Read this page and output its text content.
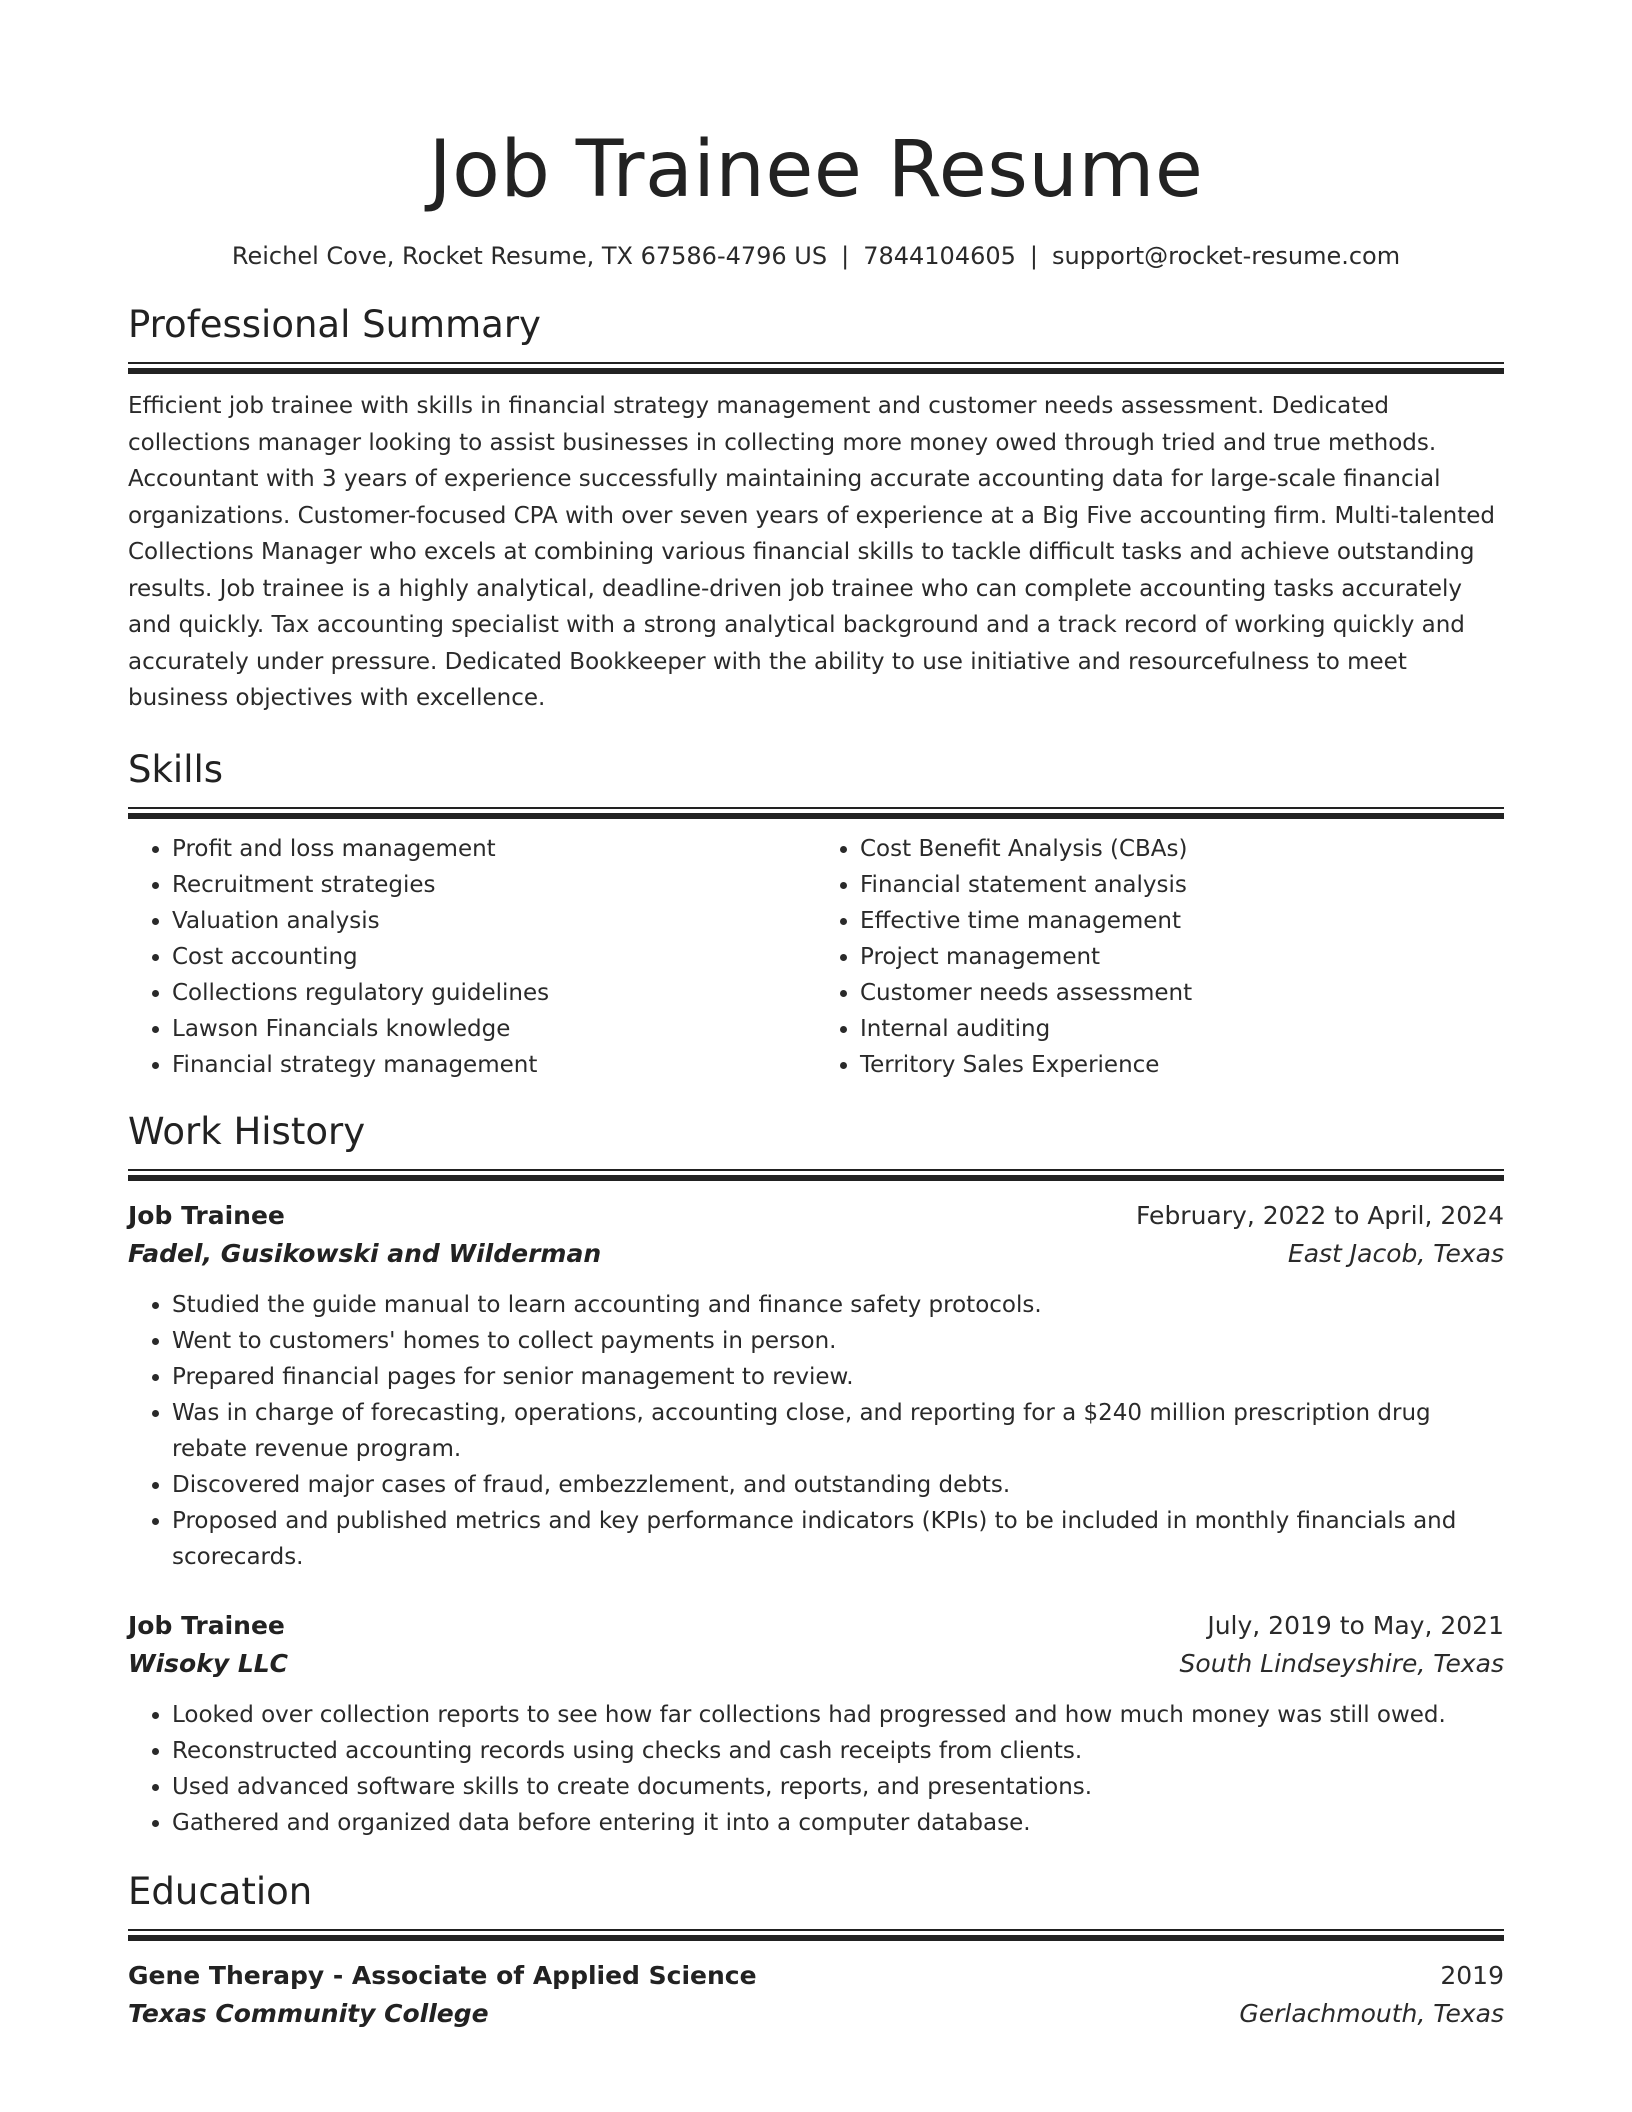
Job Trainee Resume
Reichel Cove, Rocket Resume, TX 67586-4796 US | 7844104605 | support@rocket-resume.com
Professional Summary

Efficient job trainee with skills in financial strategy management and customer needs assessment. Dedicated collections manager looking to assist businesses in collecting more money owed through tried and true methods. Accountant with 3 years of experience successfully maintaining accurate accounting data for large-scale financial organizations. Customer-focused CPA with over seven years of experience at a Big Five accounting firm. Multi-talented Collections Manager who excels at combining various financial skills to tackle difficult tasks and achieve outstanding results. Job trainee is a highly analytical, deadline-driven job trainee who can complete accounting tasks accurately and quickly. Tax accounting specialist with a strong analytical background and a track record of working quickly and accurately under pressure. Dedicated Bookkeeper with the ability to use initiative and resourcefulness to meet business objectives with excellence.

Skills
• Profit and loss management
• Recruitment strategies
• Valuation analysis
• Cost accounting
• Collections regulatory guidelines
• Lawson Financials knowledge
• Financial strategy management
• Cost Benefit Analysis (CBAs)
• Financial statement analysis
• Effective time management
• Project management
• Customer needs assessment
• Internal auditing
• Territory Sales Experience
Work History
Job Trainee	February, 2022 to April, 2024
Fadel, Gusikowski and Wilderman	East Jacob, Texas
• Studied the guide manual to learn accounting and finance safety protocols.
• Went to customers' homes to collect payments in person.
• Prepared financial pages for senior management to review.
• Was in charge of forecasting, operations, accounting close, and reporting for a $240 million prescription drug rebate revenue program.
• Discovered major cases of fraud, embezzlement, and outstanding debts.
• Proposed and published metrics and key performance indicators (KPIs) to be included in monthly financials and scorecards.
Job Trainee	July, 2019 to May, 2021
Wisoky LLC	South Lindseyshire, Texas
• Looked over collection reports to see how far collections had progressed and how much money was still owed.
• Reconstructed accounting records using checks and cash receipts from clients.
• Used advanced software skills to create documents, reports, and presentations.
• Gathered and organized data before entering it into a computer database.
Education
Gene Therapy - Associate of Applied Science	2019
Texas Community College	Gerlachmouth, Texas
